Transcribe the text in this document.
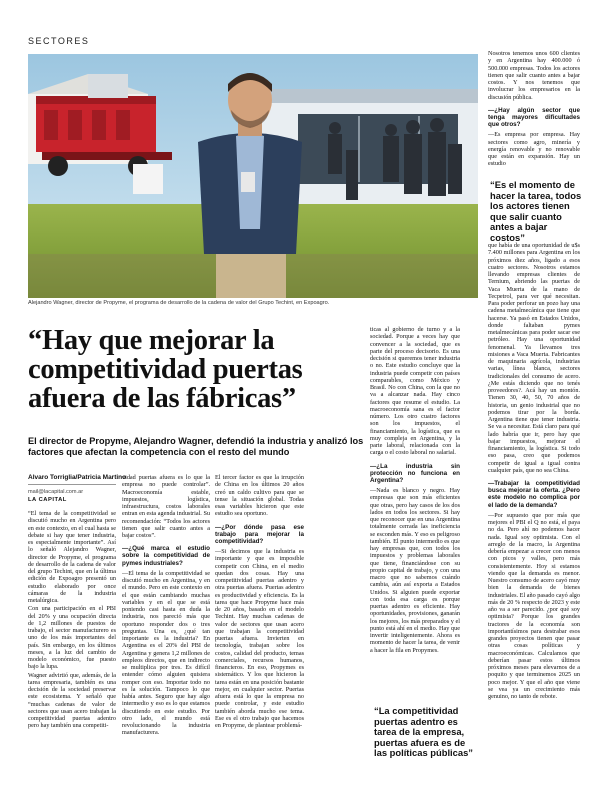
SECTORES
Alejandro Wagner, director de Propyme, el programa de desarrollo de la cadena de valor del Grupo Techint, en Expoagro.
“Hay que mejorar la competitividad puertas afuera de las fábricas”
El director de Propyme, Alejandro Wagner, defendió la industria y analizó los factores que afectan la competencia con el resto del mundo
Alvaro Torriglia/Patricia Martino
mail@lacapital.com.ar
LA CAPITAL

“El tema de la competitividad se discutió mucho en Argentina pero en este contexto, en el cual hasta se debate si hay que tener industria, es especialmente importante”. Así lo señaló Alejandro Wagner, director de Propyme, el programa de desarrollo de la cadena de valor del grupo Techint, que en la última edición de Expoagro presentó un estudio elaborado por once cámaras de la industria metalúrgica.

Con una participación en el PBI del 20% y una ocupación directa de 1,2 millones de puestos de trabajo, el sector manufacturero es uno de los más importantes del país. Sin embargo, en los últimos meses, a la luz del cambio de modelo económico, fue puesto bajo la lupa.

Wagner advirtió que, además, de la tarea empresaria, también es una decisión de la sociedad preservar este ecosistema. Y señaló que “muchas cadenas de valor de sectores que usan acero trabajan la competitividad puertas adentro pero hay también una competiti-

vidad puertas afuera es lo que la empresa no puede controlar”. Macroeconomía estable, impuestos, logística, infraestructura, costos laborales entran en esta agenda industrial. Su recomendación: “Todos los actores tienen que salir cuanto antes a bajar costos”.

—¿Qué marca el estudio sobre la competitividad de pymes industriales?

—El tema de la competitividad se discutió mucho en Argentina, y en el mundo. Pero en este contexto en el que están cambiando muchas variables y en el que se está poniendo casi hasta en duda la industria, nos pareció más que oportuno responder dos o tres preguntas. Una es, ¿qué tan importante es la industria? En Argentina es el 20% del PBI de Argentina y genera 1,2 millones de empleos directos, que en indirecto se multiplica por tres. Es difícil entender cómo alguien quisiera romper con eso. Importar todo no es la solución. Tampoco lo que había antes. Seguro que hay algo intermedio y eso es lo que estamos discutiendo en este estudio. Por otro lado, el mundo está revolucionando la industria manufacturera.

El tercer factor es que la irrupción de China en los últimos 20 años creó un caldo cultivo para que se tense la situación global. Todas esas variables hicieron que este estudio sea oportuno.

—¿Por dónde pasa ese trabajo para mejorar la competitividad?

—Si decimos que la industria es importante y que es imposible competir con China, en el medio quedan dos cosas. Hay una competitividad puertas adentro y otra puertas afuera. Puertas adentro es productividad y eficiencia. Es la tarea que hace Propyme hace más de 20 años, basado en el modelo Techint. Hay muchas cadenas de valor de sectores que usan acero que trabajan la competitividad puertas afuera. Invierten en tecnología, trabajan sobre los costos, calidad del producto, temas comerciales, recursos humanos, financieros. En eso, Propymes es sistemático. Y los que hicieron la tarea están en una posición bastante mejor, en cualquier sector. Puertas afuera está lo que la empresa no puede controlar, y este estudio también aborda mucho ese tema. Ese es el otro trabajo que hacemos en Propyme, de plantear problemá-

ticas al gobierno de turno y a la sociedad. Porque a veces hay que convencer a la sociedad, que es parte del proceso decisorio. Es una decisión si queremos tener industria o no. Este estudio concluye que la industria puede competir con países comparables, como México y Brasil. No con China, con la que no va a alcanzar nada. Hay cinco factores que resume el estudio. La macroeconomía sana es el factor número. Los otro cuatro factores son los impuestos, el financiamiento, la logística, que es muy compleja en Argentina, y la parte laboral, relacionada con la carga o el costo laboral no salarial.

—¿La industria sin protección no funciona en Argentina?

—Nada es blanco y negro. Hay empresas que son más eficientes que otras, pero hay casos de los dos lados en todos los sectores. Si hay que reconocer que en una Argentina totalmente cerrada las ineficiencia se esconden más. Y eso es peligroso también. El punto intermedio es que hay empresas que, con todos los impuestos y problemas laborales que tiene, financiándose con su propio capital de trabajo, y con una macro que no sabemos cuándo cambia, aún así exporta a Estados Unidos. Si alguien puede exportar con toda esa carga es porque puertas adentro es eficiente. Hay oportunidades, provisiones, ganarán los mejores, los más preparados y el punto está ahí en el medio. Hay que invertir inteligentemente. Ahora es momento de hacer la tarea, de venir a hacer la fila en Propymes.

“La competitividad puertas adentro es tarea de la empresa, puertas afuera es de las políticas públicas”

Nosotros tenemos unos 600 clientes y en Argentina hay 400.000 ó 500.000 empresas. Todos los actores tienen que salir cuanto antes a bajar costos. Y nos tenemos que involucrar los empresarios en la discusión pública.

—¿Hay algún sector que tenga mayores dificultades que otros?

—Es empresa por empresa. Hay sectores como agro, minería y energía renovable y no renovable que están en expansión. Hay un estudio

“Es el momento de hacer la tarea, todos los actores tienen que salir cuanto antes a bajar costos”

que había de una oportunidad de u$s 7.400 millones para Argentina en los próximos diez años, ligado a esos cuatro sectores. Nosotros estamos llevando empresas clientes de Ternium, abriendo las puertas de Vaca Muerta de la mano de Tecpetrol, para ver qué necesitan. Para poder perforar un pozo hay una cadena metalmecánica que tiene que hacerse. Ya pasó en Estados Unidos, donde faltaban pymes metalmecánicas para poder sacar ese petróleo. Hay una oportunidad fenomenal. Ya llevamos tres misiones a Vaca Muerta. Fabricantes de maquinaria agrícola, industrias varias, línea blanca, sectores tradicionales del consumo de acero. ¿Me estás diciendo que no tenés proveedores?. Acá hay un montón. Tienen 30, 40, 50, 70 años de historia, un genio industrial que no podemos tirar por la borda. Argentina tiene que tener industria. Se va a necesitar. Está claro para qué lado habría que ir, pero hay que bajar impuestos, mejorar el financiamiento, la logística. Si todo eso pasa, creo que podemos competir de igual a igual contra cualquier país, que no sea China.

—Trabajar la competitividad busca mejorar la oferta. ¿Pero este modelo no complica por el lado de la demanda?

—Por supuesto que por más que mejores el PBI el Q no está, el paya no da. Pero ahí no podemos hacer nada. Igual soy optimista. Con el arreglo de la macro, la Argentina debería empezar a crecer con menos con picos y valles, pero más consistentemente. Hoy si estamos viendo que la demanda es menor. Nuestro consumo de acero cayó muy bien la demanda de bienes industriales. El año pasado cayó algo más de 20 % respecto de 2023 y este año va a ser parecido. ¿por qué soy optimista? Porque los grandes tractores de la economía son importantísimos para destrabar esos grandes proyectos tienen que pasar otras cosas políticas y macroeconómicas. Calculamos que deberían pasar estos últimos próximos meses para elevarnos de a poquito y que terminemos 2025 un poco mejor. Y que el año que viene se vea ya un crecimiento más genuino, no tanto de rebote.
